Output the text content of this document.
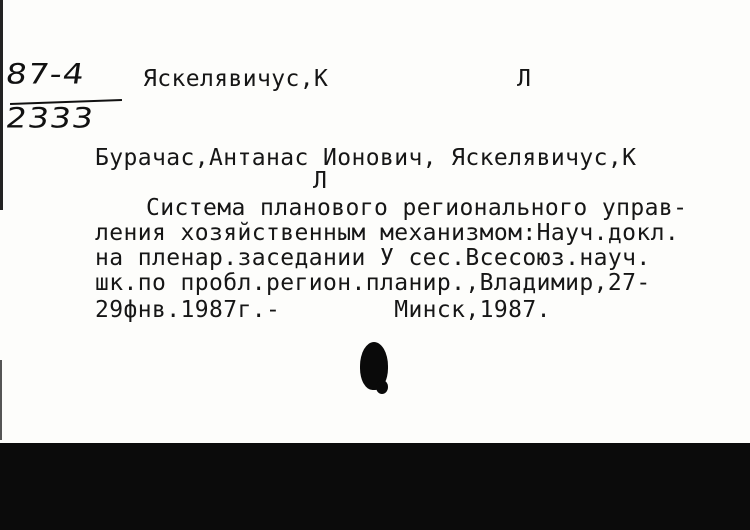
87-4
2333
Яскелявичус,К	Л
Бурачас,Антанас Ионович, Яскелявичус,К
Л
Система планового регионального управ-
ления хозяйственным механизмом:Науч.докл.
на пленар.заседании У сес.Всесоюз.науч.
шк.по пробл.регион.планир.,Владимир,27-
29фнв.1987г.-        Минск,1987.
